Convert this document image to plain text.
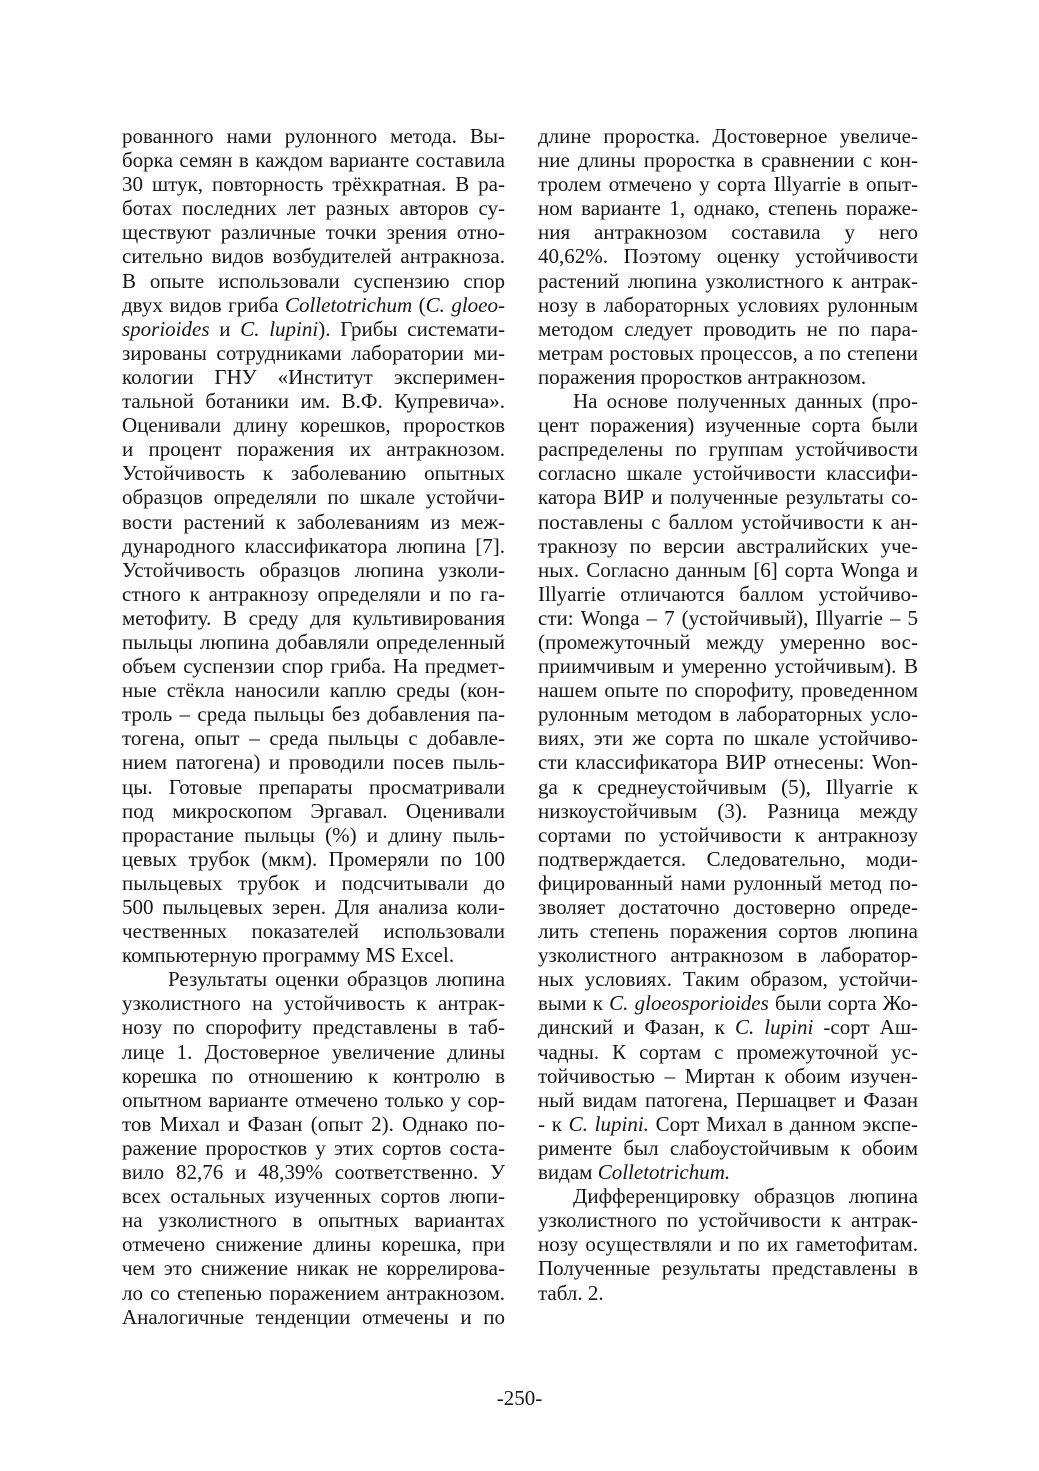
рованного нами рулонного метода. Вы-
борка семян в каждом варианте составила
30 штук, повторность трёхкратная. В ра-
ботах последних лет разных авторов су-
ществуют различные точки зрения отно-
сительно видов возбудителей антракноза.
В опыте использовали суспензию спор
двух видов гриба Colletotrichum (C. gloeo-
sporioides и C. lupini). Грибы системати-
зированы сотрудниками лаборатории ми-
кологии ГНУ «Институт эксперимен-
тальной ботаники им. В.Ф. Купревича».
Оценивали длину корешков, проростков
и процент поражения их антракнозом.
Устойчивость к заболеванию опытных
образцов определяли по шкале устойчи-
вости растений к заболеваниям из меж-
дународного классификатора люпина [7].
Устойчивость образцов люпина узколи-
стного к антракнозу определяли и по га-
метофиту. В среду для культивирования
пыльцы люпина добавляли определенный
объем суспензии спор гриба. На предмет-
ные стёкла наносили каплю среды (кон-
троль – среда пыльцы без добавления па-
тогена, опыт – среда пыльцы с добавле-
нием патогена) и проводили посев пыль-
цы. Готовые препараты просматривали
под микроскопом Эргавал. Оценивали
прорастание пыльцы (%) и длину пыль-
цевых трубок (мкм). Промеряли по 100
пыльцевых трубок и подсчитывали до
500 пыльцевых зерен. Для анализа коли-
чественных показателей использовали
компьютерную программу MS Excel.
Результаты оценки образцов люпина
узколистного на устойчивость к антрак-
нозу по спорофиту представлены в таб-
лице 1. Достоверное увеличение длины
корешка по отношению к контролю в
опытном варианте отмечено только у сор-
тов Михал и Фазан (опыт 2). Однако по-
ражение проростков у этих сортов соста-
вило 82,76 и 48,39% соответственно. У
всех остальных изученных сортов люпи-
на узколистного в опытных вариантах
отмечено снижение длины корешка, при
чем это снижение никак не коррелирова-
ло со степенью поражением антракнозом.
Аналогичные тенденции отмечены и по
длине проростка. Достоверное увеличе-
ние длины проростка в сравнении с кон-
тролем отмечено у сорта Illyarrie в опыт-
ном варианте 1, однако, степень пораже-
ния антракнозом составила у него
40,62%. Поэтому оценку устойчивости
растений люпина узколистного к антрак-
нозу в лабораторных условиях рулонным
методом следует проводить не по пара-
метрам ростовых процессов, а по степени
поражения проростков антракнозом.
На основе полученных данных (про-
цент поражения) изученные сорта были
распределены по группам устойчивости
согласно шкале устойчивости классифи-
катора ВИР и полученные результаты со-
поставлены с баллом устойчивости к ан-
тракнозу по версии австралийских уче-
ных. Согласно данным [6] сорта Wonga и
Illyarrie отличаются баллом устойчиво-
сти: Wonga – 7 (устойчивый), Illyarrie – 5
(промежуточный между умеренно вос-
приимчивым и умеренно устойчивым). В
нашем опыте по спорофиту, проведенном
рулонным методом в лабораторных усло-
виях, эти же сорта по шкале устойчиво-
сти классификатора ВИР отнесены: Won-
ga к среднеустойчивым (5), Illyarrie к
низкоустойчивым (3). Разница между
сортами по устойчивости к антракнозу
подтверждается. Следовательно, моди-
фицированный нами рулонный метод по-
зволяет достаточно достоверно опреде-
лить степень поражения сортов люпина
узколистного антракнозом в лаборатор-
ных условиях. Таким образом, устойчи-
выми к C. gloeosporioides были сорта Жо-
динский и Фазан, к C. lupini -сорт Аш-
чадны. К сортам с промежуточной ус-
тойчивостью – Миртан к обоим изучен-
ный видам патогена, Першацвет и Фазан
- к C. lupini. Сорт Михал в данном экспе-
рименте был слабоустойчивым к обоим
видам Colletotrichum.
Дифференцировку образцов люпина
узколистного по устойчивости к антрак-
нозу осуществляли и по их гаметофитам.
Полученные результаты представлены в
табл. 2.
-250-
